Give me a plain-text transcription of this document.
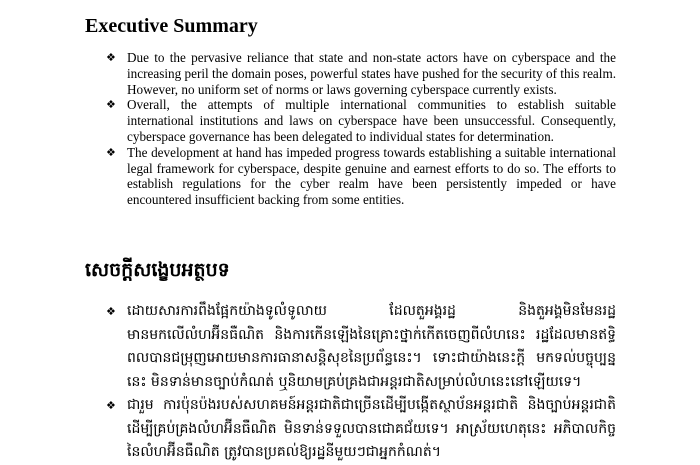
Executive Summary
❖ Due to the pervasive reliance that state and non-state actors have on cyberspace and the increasing peril the domain poses, powerful states have pushed for the security of this realm. However, no uniform set of norms or laws governing cyberspace currently exists.
❖ Overall, the attempts of multiple international communities to establish suitable international institutions and laws on cyberspace have been unsuccessful. Consequently, cyberspace governance has been delegated to individual states for determination.
❖ The development at hand has impeded progress towards establishing a suitable international legal framework for cyberspace, despite genuine and earnest efforts to do so. The efforts to establish regulations for the cyber realm have been persistently impeded or have encountered insufficient backing from some entities.
សេចក្ដីសង្ខេបអត្ថបទ
❖ ដោយសារការពឹងផ្អែកយ៉ាងទូលំទូលាយ ដែលតួអង្គរដ្ឋ និងតួអង្គមិនមែនរដ្ឋមានមកលើលំហអ៊ីនធឺណិត និងការកើនឡើងនៃគ្រោះថ្នាក់កើតចេញពីលំហនេះ រដ្ឋដែលមានឥទ្ធិពលបានជម្រុញអោយមានការធានាសន្តិសុខនៃប្រព័ន្ធនេះ។ ទោះជាយ៉ាងនេះក្ដី មកទល់បច្ចុប្បន្ននេះ មិនទាន់មានច្បាប់កំណត់ ឬនិយាមគ្រប់គ្រងជាអន្តរជាតិសម្រាប់លំហនេះនៅឡើយទេ។
❖ ជារួម ការប៉ុនប៉ងរបស់សហគមន៍អន្តរជាតិជាច្រើនដើម្បីបង្កើតស្ថាប័នអន្តរជាតិ និងច្បាប់អន្តរជាតិ ដើម្បីគ្រប់គ្រងលំហអ៊ីនធឺណិត មិនទាន់ទទួលបានជោគជ័យទេ។ អាស្រ័យហេតុនេះ អភិបាលកិច្ចនៃលំហអ៊ីនធឺណិត ត្រូវបានប្រគល់ឱ្យរដ្ឋនីមួយៗជាអ្នកកំណត់។
